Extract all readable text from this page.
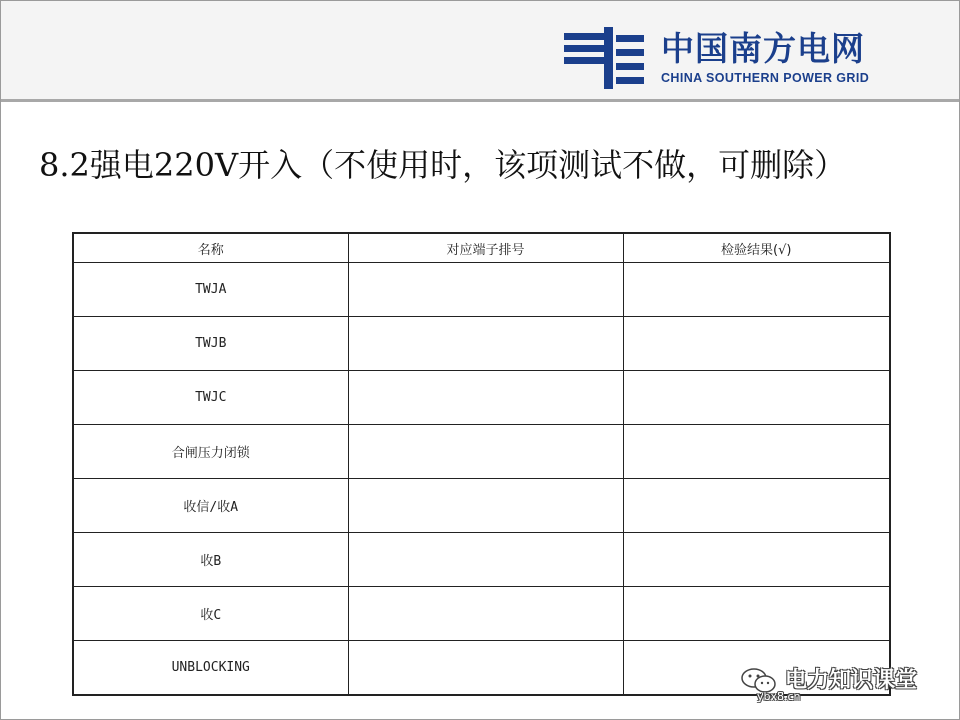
中国南方电网
CHINA SOUTHERN POWER GRID
8.2强电220V开入（不使用时，该项测试不做，可删除）
名称	对应端子排号	检验结果(√)
TWJA		
TWJB		
TWJC		
合闸压力闭锁		
收信/收A		
收B		
收C		
UNBLOCKING		
电力知识课堂
ybx8.cn
